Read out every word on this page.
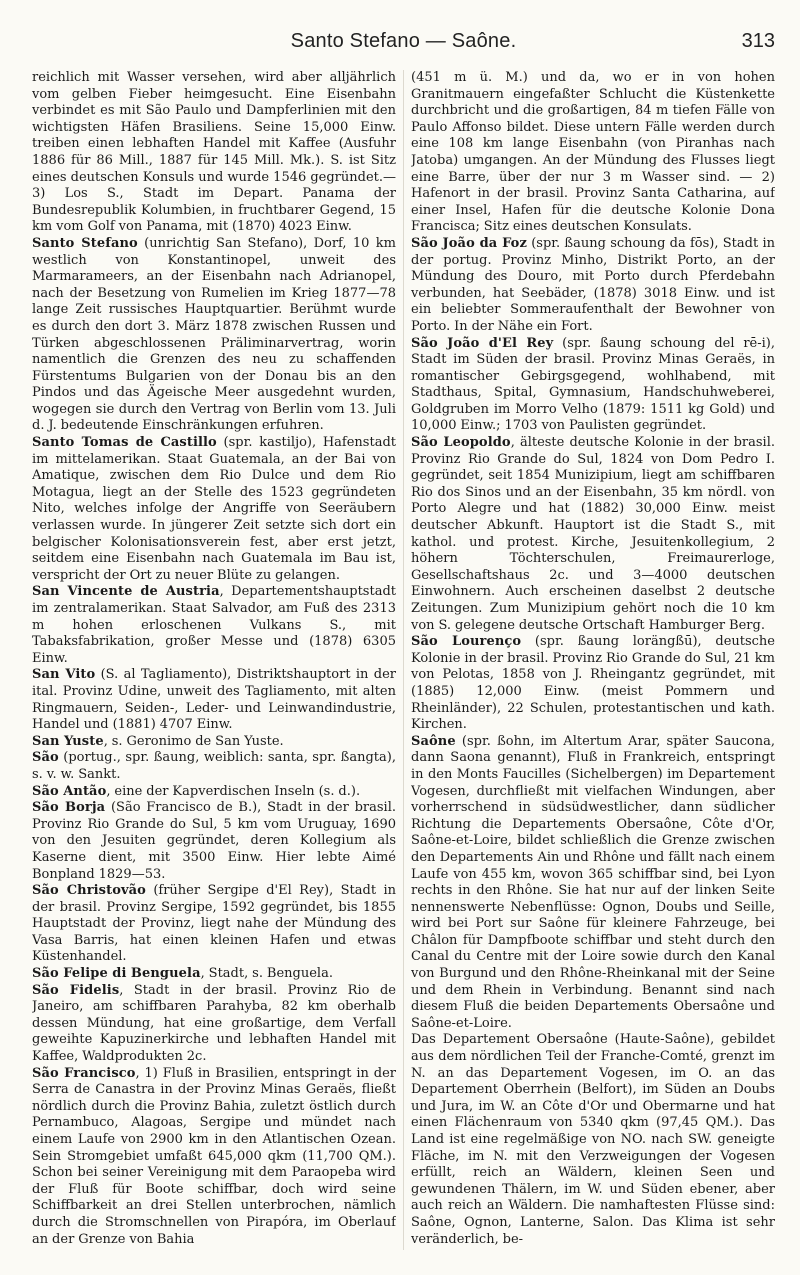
Santo Stefano — Saône.	313

reichlich mit Wasser versehen, wird aber alljährlich vom gelben Fieber heimgesucht. Eine Eisenbahn verbindet es mit São Paulo und Dampferlinien mit den wichtigsten Häfen Brasiliens. Seine 15,000 Einw. treiben einen lebhaften Handel mit Kaffee (Ausfuhr 1886 für 86 Mill., 1887 für 145 Mill. Mk.). S. ist Sitz eines deutschen Konsuls und wurde 1546 gegründet.— 3) Los S., Stadt im Depart. Panama der Bundesrepublik Kolumbien, in fruchtbarer Gegend, 15 km vom Golf von Panama, mit (1870) 4023 Einw.

Santo Stefano (unrichtig San Stefano), Dorf, 10 km westlich von Konstantinopel, unweit des Marmarameers, an der Eisenbahn nach Adrianopel, nach der Besetzung von Rumelien im Krieg 1877—78 lange Zeit russisches Hauptquartier. Berühmt wurde es durch den dort 3. März 1878 zwischen Russen und Türken abgeschlossenen Präliminarvertrag, worin namentlich die Grenzen des neu zu schaffenden Fürstentums Bulgarien von der Donau bis an den Pindos und das Ägeische Meer ausgedehnt wurden, wogegen sie durch den Vertrag von Berlin vom 13. Juli d. J. bedeutende Einschränkungen erfuhren.

Santo Tomas de Castillo (spr. kastiljo), Hafenstadt im mittelamerikan. Staat Guatemala, an der Bai von Amatique, zwischen dem Rio Dulce und dem Rio Motagua, liegt an der Stelle des 1523 gegründeten Nito, welches infolge der Angriffe von Seeräubern verlassen wurde. In jüngerer Zeit setzte sich dort ein belgischer Kolonisationsverein fest, aber erst jetzt, seitdem eine Eisenbahn nach Guatemala im Bau ist, verspricht der Ort zu neuer Blüte zu gelangen.

San Vincente de Austria, Departementshauptstadt im zentralamerikan. Staat Salvador, am Fuß des 2313 m hohen erloschenen Vulkans S., mit Tabaksfabrikation, großer Messe und (1878) 6305 Einw.

San Vito (S. al Tagliamento), Distriktshauptort in der ital. Provinz Udine, unweit des Tagliamento, mit alten Ringmauern, Seiden-, Leder- und Leinwandindustrie, Handel und (1881) 4707 Einw.

San Yuste, s. Geronimo de San Yuste.

São (portug., spr. ßaung, weiblich: santa, spr. ßangta), s. v. w. Sankt.

São Antão, eine der Kapverdischen Inseln (s. d.).

São Borja (São Francisco de B.), Stadt in der brasil. Provinz Rio Grande do Sul, 5 km vom Uruguay, 1690 von den Jesuiten gegründet, deren Kollegium als Kaserne dient, mit 3500 Einw. Hier lebte Aimé Bonpland 1829—53.

São Christovão (früher Sergipe d'El Rey), Stadt in der brasil. Provinz Sergipe, 1592 gegründet, bis 1855 Hauptstadt der Provinz, liegt nahe der Mündung des Vasa Barris, hat einen kleinen Hafen und etwas Küstenhandel.

São Felipe di Benguela, Stadt, s. Benguela.

São Fidelis, Stadt in der brasil. Provinz Rio de Janeiro, am schiffbaren Parahyba, 82 km oberhalb dessen Mündung, hat eine großartige, dem Verfall geweihte Kapuzinerkirche und lebhaften Handel mit Kaffee, Waldprodukten 2c.

São Francisco, 1) Fluß in Brasilien, entspringt in der Serra de Canastra in der Provinz Minas Geraës, fließt nördlich durch die Provinz Bahia, zuletzt östlich durch Pernambuco, Alagoas, Sergipe und mündet nach einem Laufe von 2900 km in den Atlantischen Ozean. Sein Stromgebiet umfaßt 645,000 qkm (11,700 QM.). Schon bei seiner Vereinigung mit dem Paraopeba wird der Fluß für Boote schiffbar, doch wird seine Schiffbarkeit an drei Stellen unterbrochen, nämlich durch die Stromschnellen von Pirapóra, im Oberlauf an der Grenze von Bahia

(451 m ü. M.) und da, wo er in von hohen Granitmauern eingefaßter Schlucht die Küstenkette durchbricht und die großartigen, 84 m tiefen Fälle von Paulo Affonso bildet. Diese untern Fälle werden durch eine 108 km lange Eisenbahn (von Piranhas nach Jatoba) umgangen. An der Mündung des Flusses liegt eine Barre, über der nur 3 m Wasser sind. — 2) Hafenort in der brasil. Provinz Santa Catharina, auf einer Insel, Hafen für die deutsche Kolonie Dona Francisca; Sitz eines deutschen Konsulats.

São João da Foz (spr. ßaung schoung da fōs), Stadt in der portug. Provinz Minho, Distrikt Porto, an der Mündung des Douro, mit Porto durch Pferdebahn verbunden, hat Seebäder, (1878) 3018 Einw. und ist ein beliebter Sommeraufenthalt der Bewohner von Porto. In der Nähe ein Fort.

São João d'El Rey (spr. ßaung schoung del rē-i), Stadt im Süden der brasil. Provinz Minas Geraës, in romantischer Gebirgsgegend, wohlhabend, mit Stadthaus, Spital, Gymnasium, Handschuhweberei, Goldgruben im Morro Velho (1879: 1511 kg Gold) und 10,000 Einw.; 1703 von Paulisten gegründet.

São Leopoldo, älteste deutsche Kolonie in der brasil. Provinz Rio Grande do Sul, 1824 von Dom Pedro I. gegründet, seit 1854 Munizipium, liegt am schiffbaren Rio dos Sinos und an der Eisenbahn, 35 km nördl. von Porto Alegre und hat (1882) 30,000 Einw. meist deutscher Abkunft. Hauptort ist die Stadt S., mit kathol. und protest. Kirche, Jesuitenkollegium, 2 höhern Töchterschulen, Freimaurerloge, Gesellschaftshaus 2c. und 3—4000 deutschen Einwohnern. Auch erscheinen daselbst 2 deutsche Zeitungen. Zum Munizipium gehört noch die 10 km von S. gelegene deutsche Ortschaft Hamburger Berg.

São Lourenço (spr. ßaung lorängßū), deutsche Kolonie in der brasil. Provinz Rio Grande do Sul, 21 km von Pelotas, 1858 von J. Rheingantz gegründet, mit (1885) 12,000 Einw. (meist Pommern und Rheinländer), 22 Schulen, protestantischen und kath. Kirchen.

Saône (spr. ßohn, im Altertum Arar, später Saucona, dann Saona genannt), Fluß in Frankreich, entspringt in den Monts Faucilles (Sichelbergen) im Departement Vogesen, durchfließt mit vielfachen Windungen, aber vorherrschend in südsüdwestlicher, dann südlicher Richtung die Departements Obersaône, Côte d'Or, Saône-et-Loire, bildet schließlich die Grenze zwischen den Departements Ain und Rhône und fällt nach einem Laufe von 455 km, wovon 365 schiffbar sind, bei Lyon rechts in den Rhône. Sie hat nur auf der linken Seite nennenswerte Nebenflüsse: Ognon, Doubs und Seille, wird bei Port sur Saône für kleinere Fahrzeuge, bei Châlon für Dampfboote schiffbar und steht durch den Canal du Centre mit der Loire sowie durch den Kanal von Burgund und den Rhône-Rheinkanal mit der Seine und dem Rhein in Verbindung. Benannt sind nach diesem Fluß die beiden Departements Obersaône und Saône-et-Loire.

Das Departement Obersaône (Haute-Saône), gebildet aus dem nördlichen Teil der Franche-Comté, grenzt im N. an das Departement Vogesen, im O. an das Departement Oberrhein (Belfort), im Süden an Doubs und Jura, im W. an Côte d'Or und Obermarne und hat einen Flächenraum von 5340 qkm (97,45 QM.). Das Land ist eine regelmäßige von NO. nach SW. geneigte Fläche, im N. mit den Verzweigungen der Vogesen erfüllt, reich an Wäldern, kleinen Seen und gewundenen Thälern, im W. und Süden ebener, aber auch reich an Wäldern. Die namhaftesten Flüsse sind: Saône, Ognon, Lanterne, Salon. Das Klima ist sehr veränderlich, be-
